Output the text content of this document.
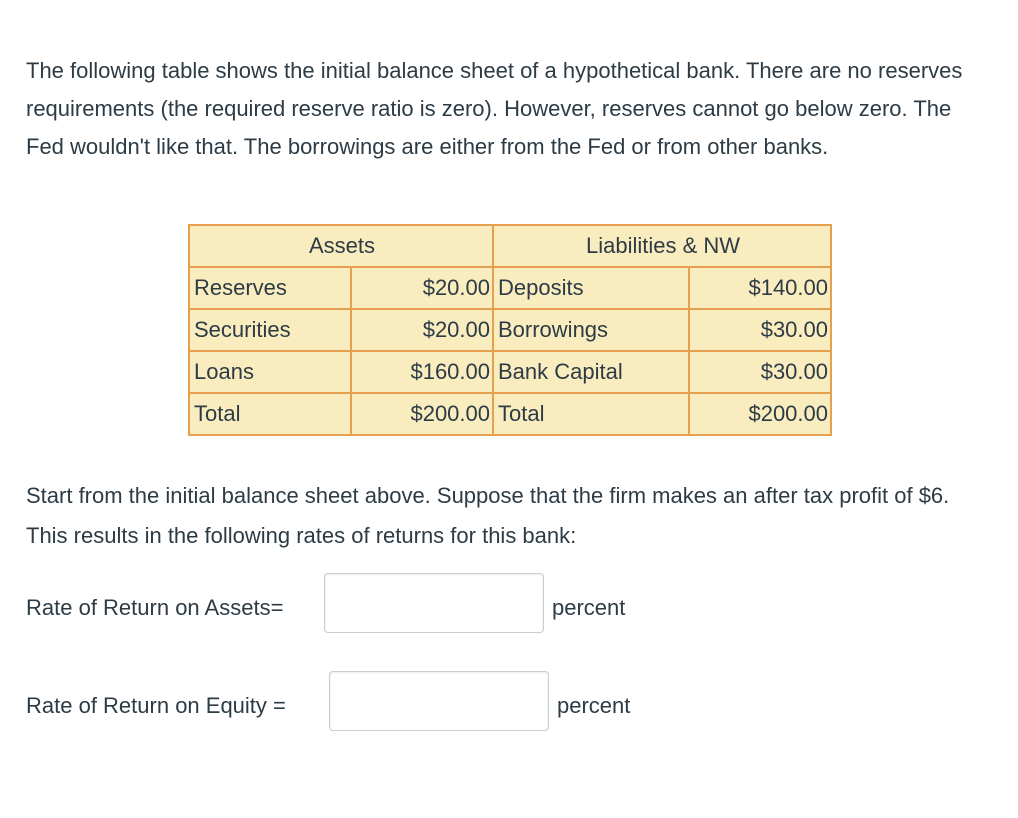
The following table shows the initial balance sheet of a hypothetical bank. There are no reserves requirements (the required reserve ratio is zero). However, reserves cannot go below zero. The Fed wouldn't like that. The borrowings are either from the Fed or from other banks.

Assets		Liabilities & NW	
Reserves	$20.00	Deposits	$140.00
Securities	$20.00	Borrowings	$30.00
Loans	$160.00	Bank Capital	$30.00
Total	$200.00	Total	$200.00

Start from the initial balance sheet above. Suppose that the firm makes an after tax profit of $6. This results in the following rates of returns for this bank:

Rate of Return on Assets=	percent
Rate of Return on Equity =	percent
